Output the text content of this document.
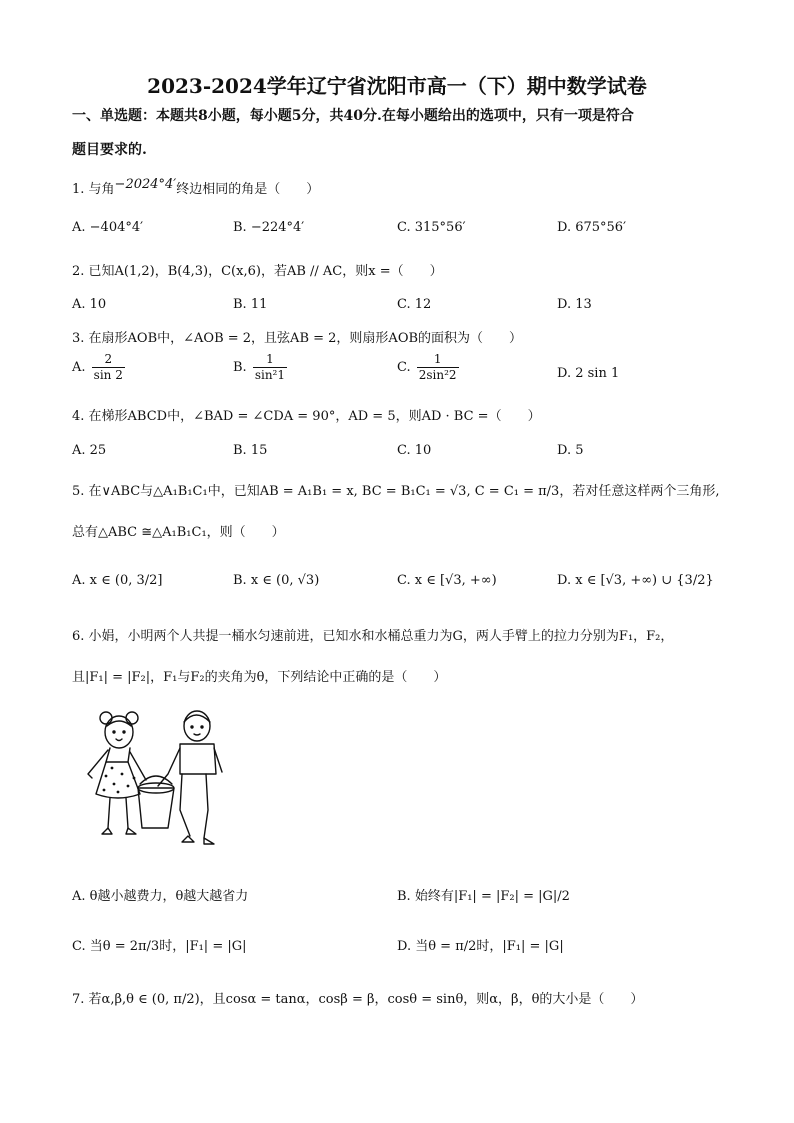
2023-2024学年辽宁省沈阳市高一（下）期中数学试卷
一、单选题：本题共8小题，每小题5分，共40分.在每小题给出的选项中，只有一项是符合
题目要求的.
1. 与角−2024°4′终边相同的角是（　　）
A. −404°4′	B. −224°4′	C. 315°56′	D. 675°56′
2. 已知A(1,2)，B(4,3)，C(x,6)，若AB // AC，则x =（　　）
A. 10	B. 11	C. 12	D. 13
3. 在扇形AOB中，∠AOB = 2，且弦AB = 2，则扇形AOB的面积为（　　）
A. $\frac{2}{\sin 2}$	B. $\frac{1}{\text{sin²1}}$	C. $\frac{1}{\text{2sin²2}}$	D. 2 sin 1
4. 在梯形ABCD中，∠BAD = ∠CDA = 90°，AD = 5，则AD · BC =（　　）
A. 25	B. 15	C. 10	D. 5
5. 在∨ABC与△A₁B₁C₁中，已知AB = A₁B₁ = x, BC = B₁C₁ = √3, C = C₁ = π/3，若对任意这样两个三角形,
总有△ABC ≅△A₁B₁C₁，则（　　）
A. x ∈ (0, 3/2]	B. x ∈ (0, √3)	C. x ∈ [√3, +∞)	D. x ∈ [√3, +∞) ∪ {3/2}
6. 小娟，小明两个人共提一桶水匀速前进，已知水和水桶总重力为G，两人手臂上的拉力分别为F₁，F₂，
且|F₁| = |F₂|，F₁与F₂的夹角为θ，下列结论中正确的是（　　）
A. θ越小越费力，θ越大越省力	B. 始终有|F₁| = |F₂| = |G|/2
C. 当θ = 2π/3时，|F₁| = |G|	D. 当θ = π/2时，|F₁| = |G|
7. 若α,β,θ ∈ (0, π/2)，且cosα = tanα，cosβ = β，cosθ = sinθ，则α，β，θ的大小是（　　）
